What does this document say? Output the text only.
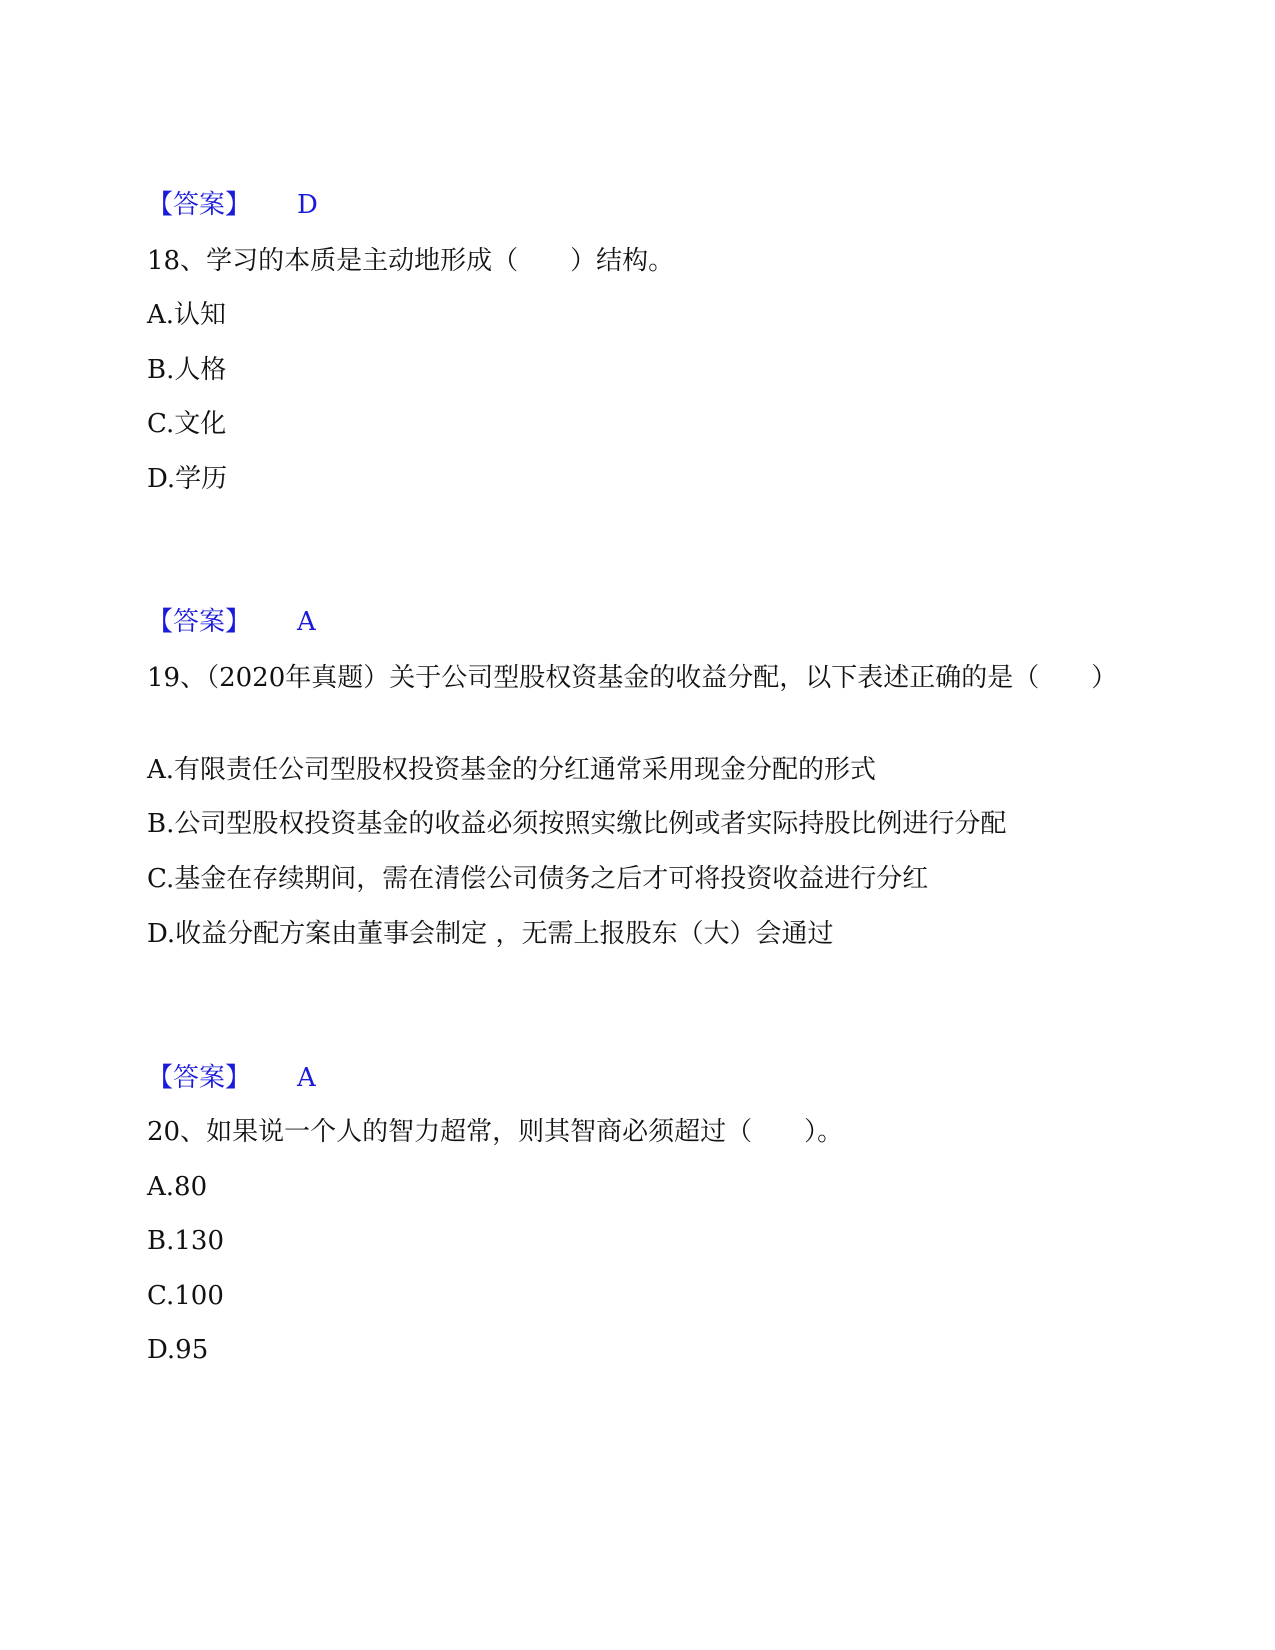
【答案】 D
18、学习的本质是主动地形成（　　）结构。
A.认知
B.人格
C.文化
D.学历
【答案】 A
19、（2020年真题）关于公司型股权资基金的收益分配，以下表述正确的是（　　）
A.有限责任公司型股权投资基金的分红通常采用现金分配的形式
B.公司型股权投资基金的收益必须按照实缴比例或者实际持股比例进行分配
C.基金在存续期间，需在清偿公司债务之后才可将投资收益进行分红
D.收益分配方案由董事会制定 ，无需上报股东（大）会通过
【答案】 A
20、如果说一个人的智力超常，则其智商必须超过（　　）。
A.80
B.130
C.100
D.95
